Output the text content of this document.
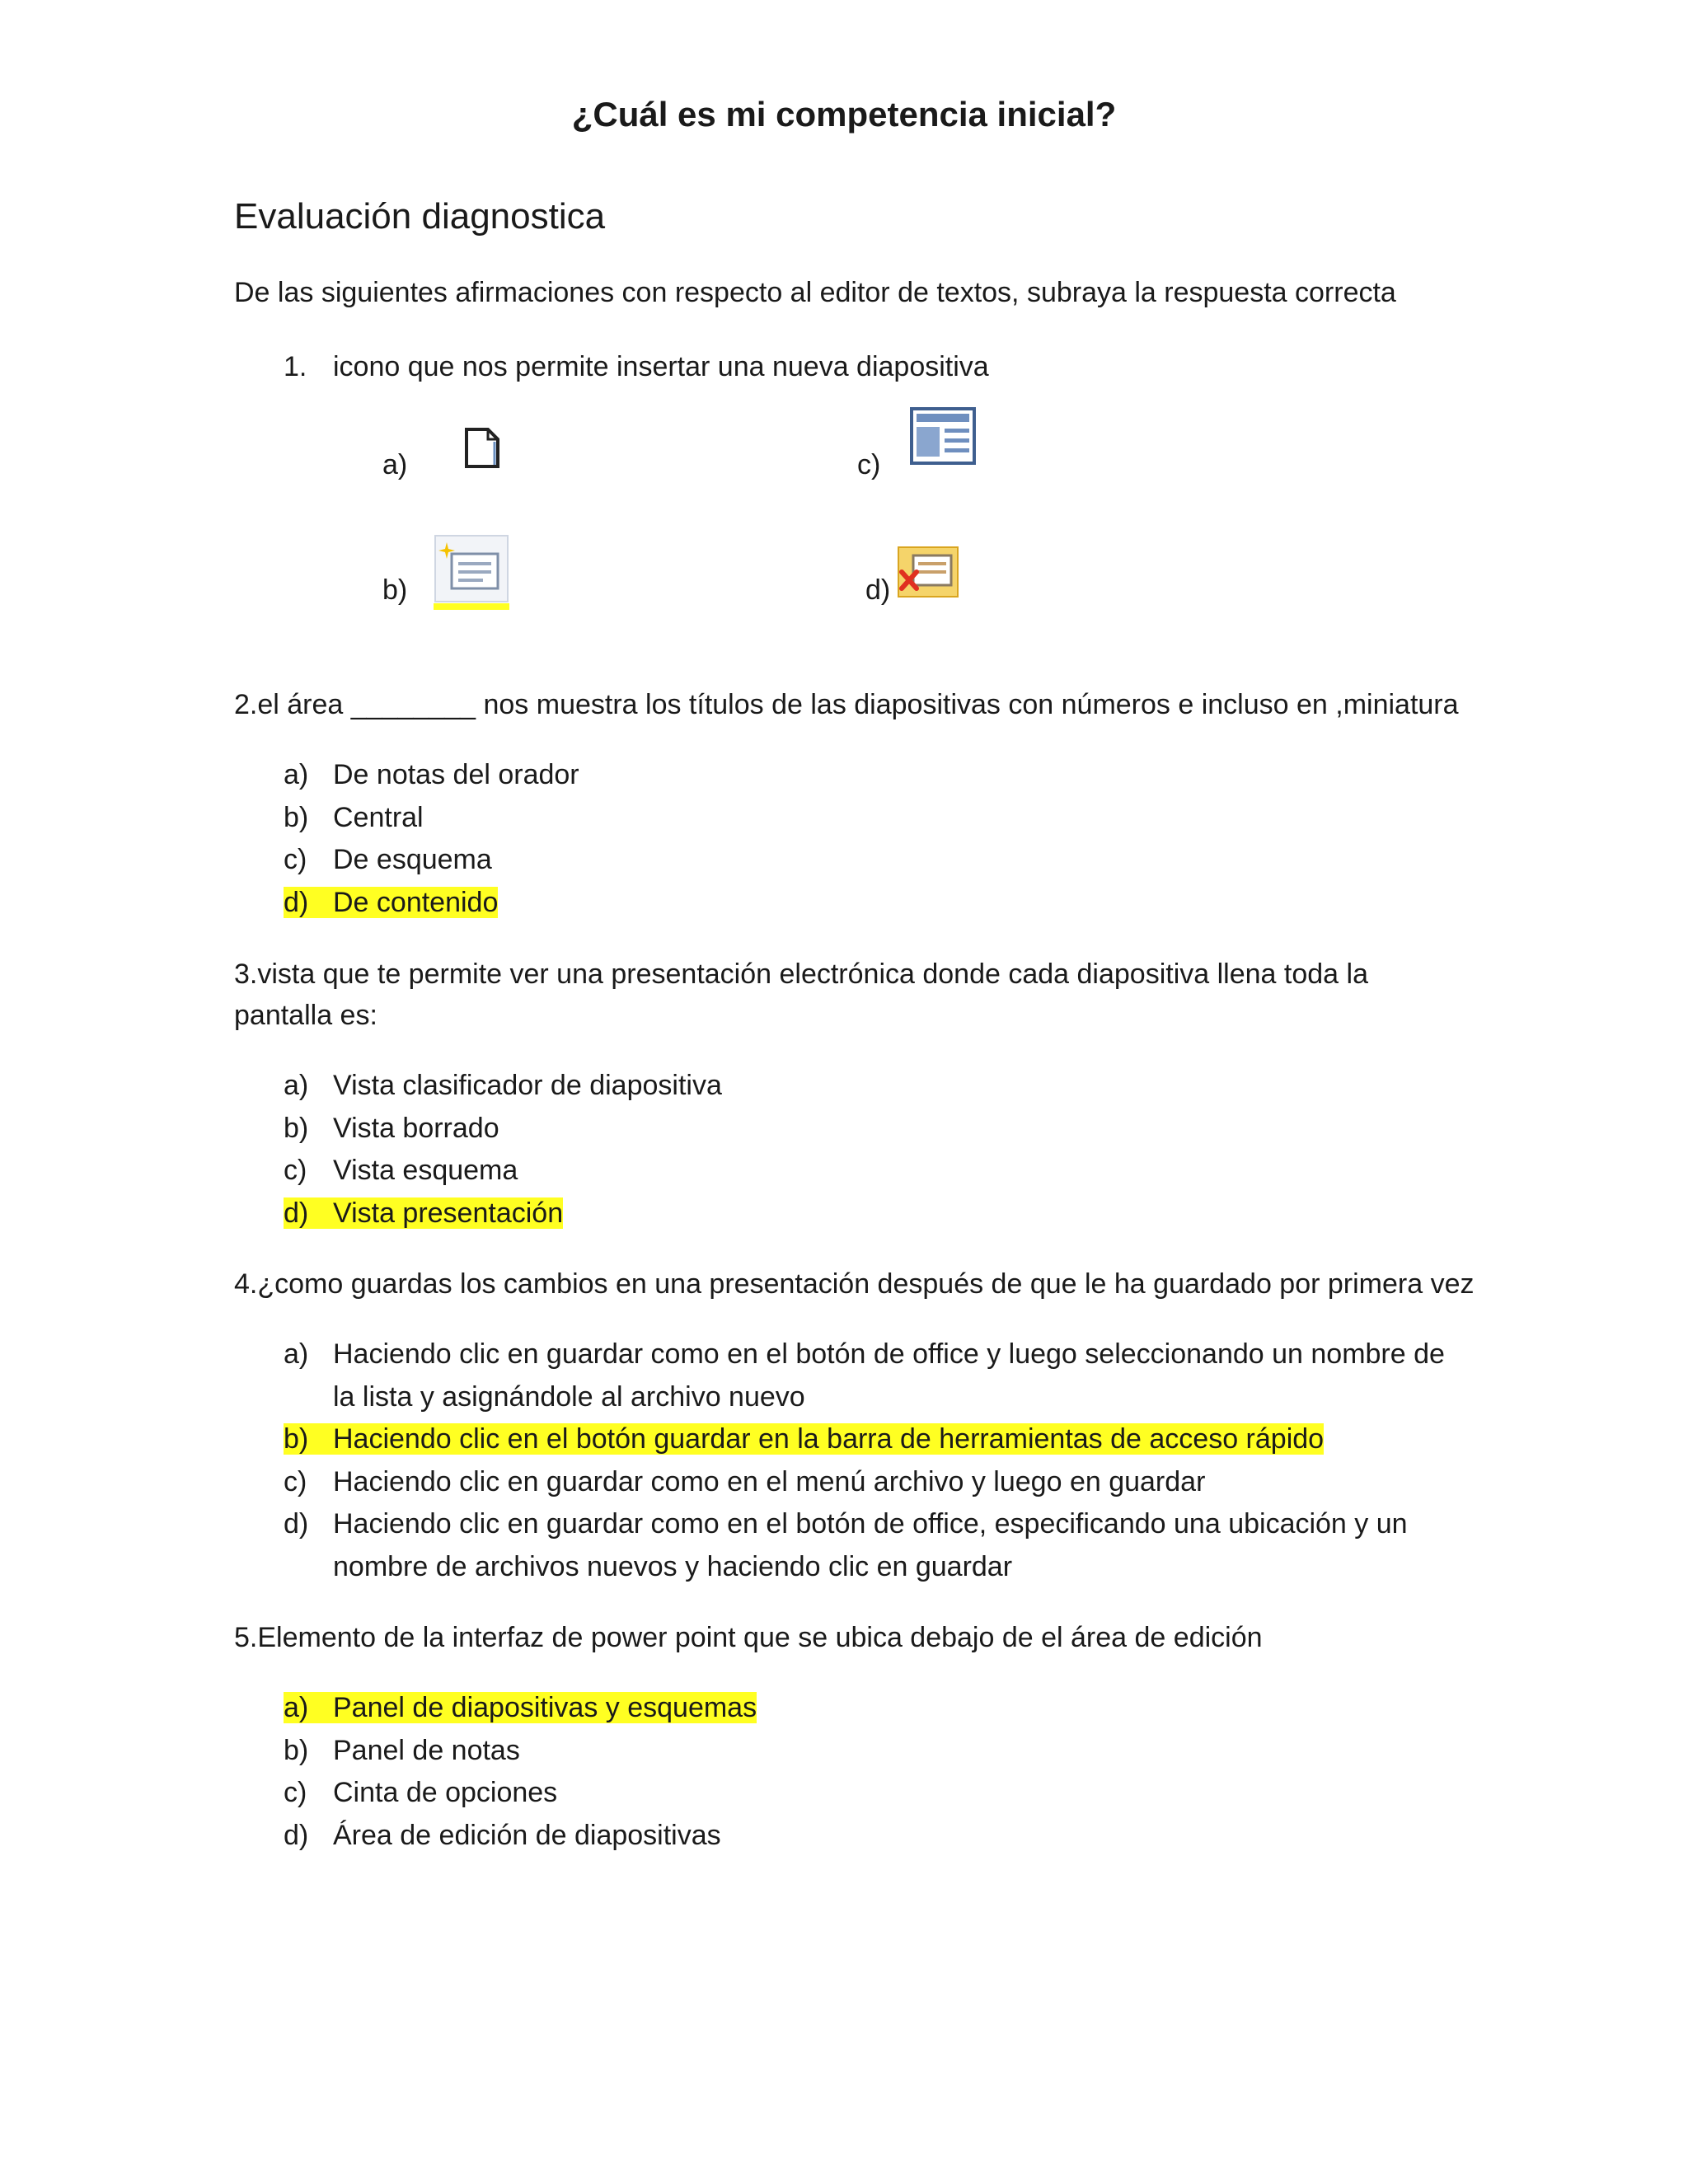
¿Cuál es mi competencia inicial?
Evaluación diagnostica
De las siguientes afirmaciones con respecto al editor de textos, subraya la respuesta correcta
1. icono que nos permite insertar una nueva diapositiva
a)	c)
b)	d)
2.el área ________ nos muestra los títulos de las diapositivas con números e incluso en ,miniatura
a) De notas del orador
b) Central
c) De esquema
d) De contenido
3.vista que te permite ver una presentación electrónica donde cada diapositiva llena toda la
pantalla es:
a) Vista clasificador de diapositiva
b) Vista borrado
c) Vista esquema
d) Vista presentación
4.¿como guardas los cambios en una presentación después de que le ha guardado por primera vez
a) Haciendo clic en guardar como en el botón de office y luego seleccionando un nombre de
la lista y asignándole al archivo nuevo
b) Haciendo clic en el botón guardar en la barra de herramientas de acceso rápido
c) Haciendo clic en guardar como en el menú archivo y luego en guardar
d) Haciendo clic en guardar como en el botón de office, especificando una ubicación y un
nombre de archivos nuevos y haciendo clic en guardar
5.Elemento de la interfaz de power point que se ubica debajo de el área de edición
a) Panel de diapositivas y esquemas
b) Panel de notas
c) Cinta de opciones
d) Área de edición de diapositivas
